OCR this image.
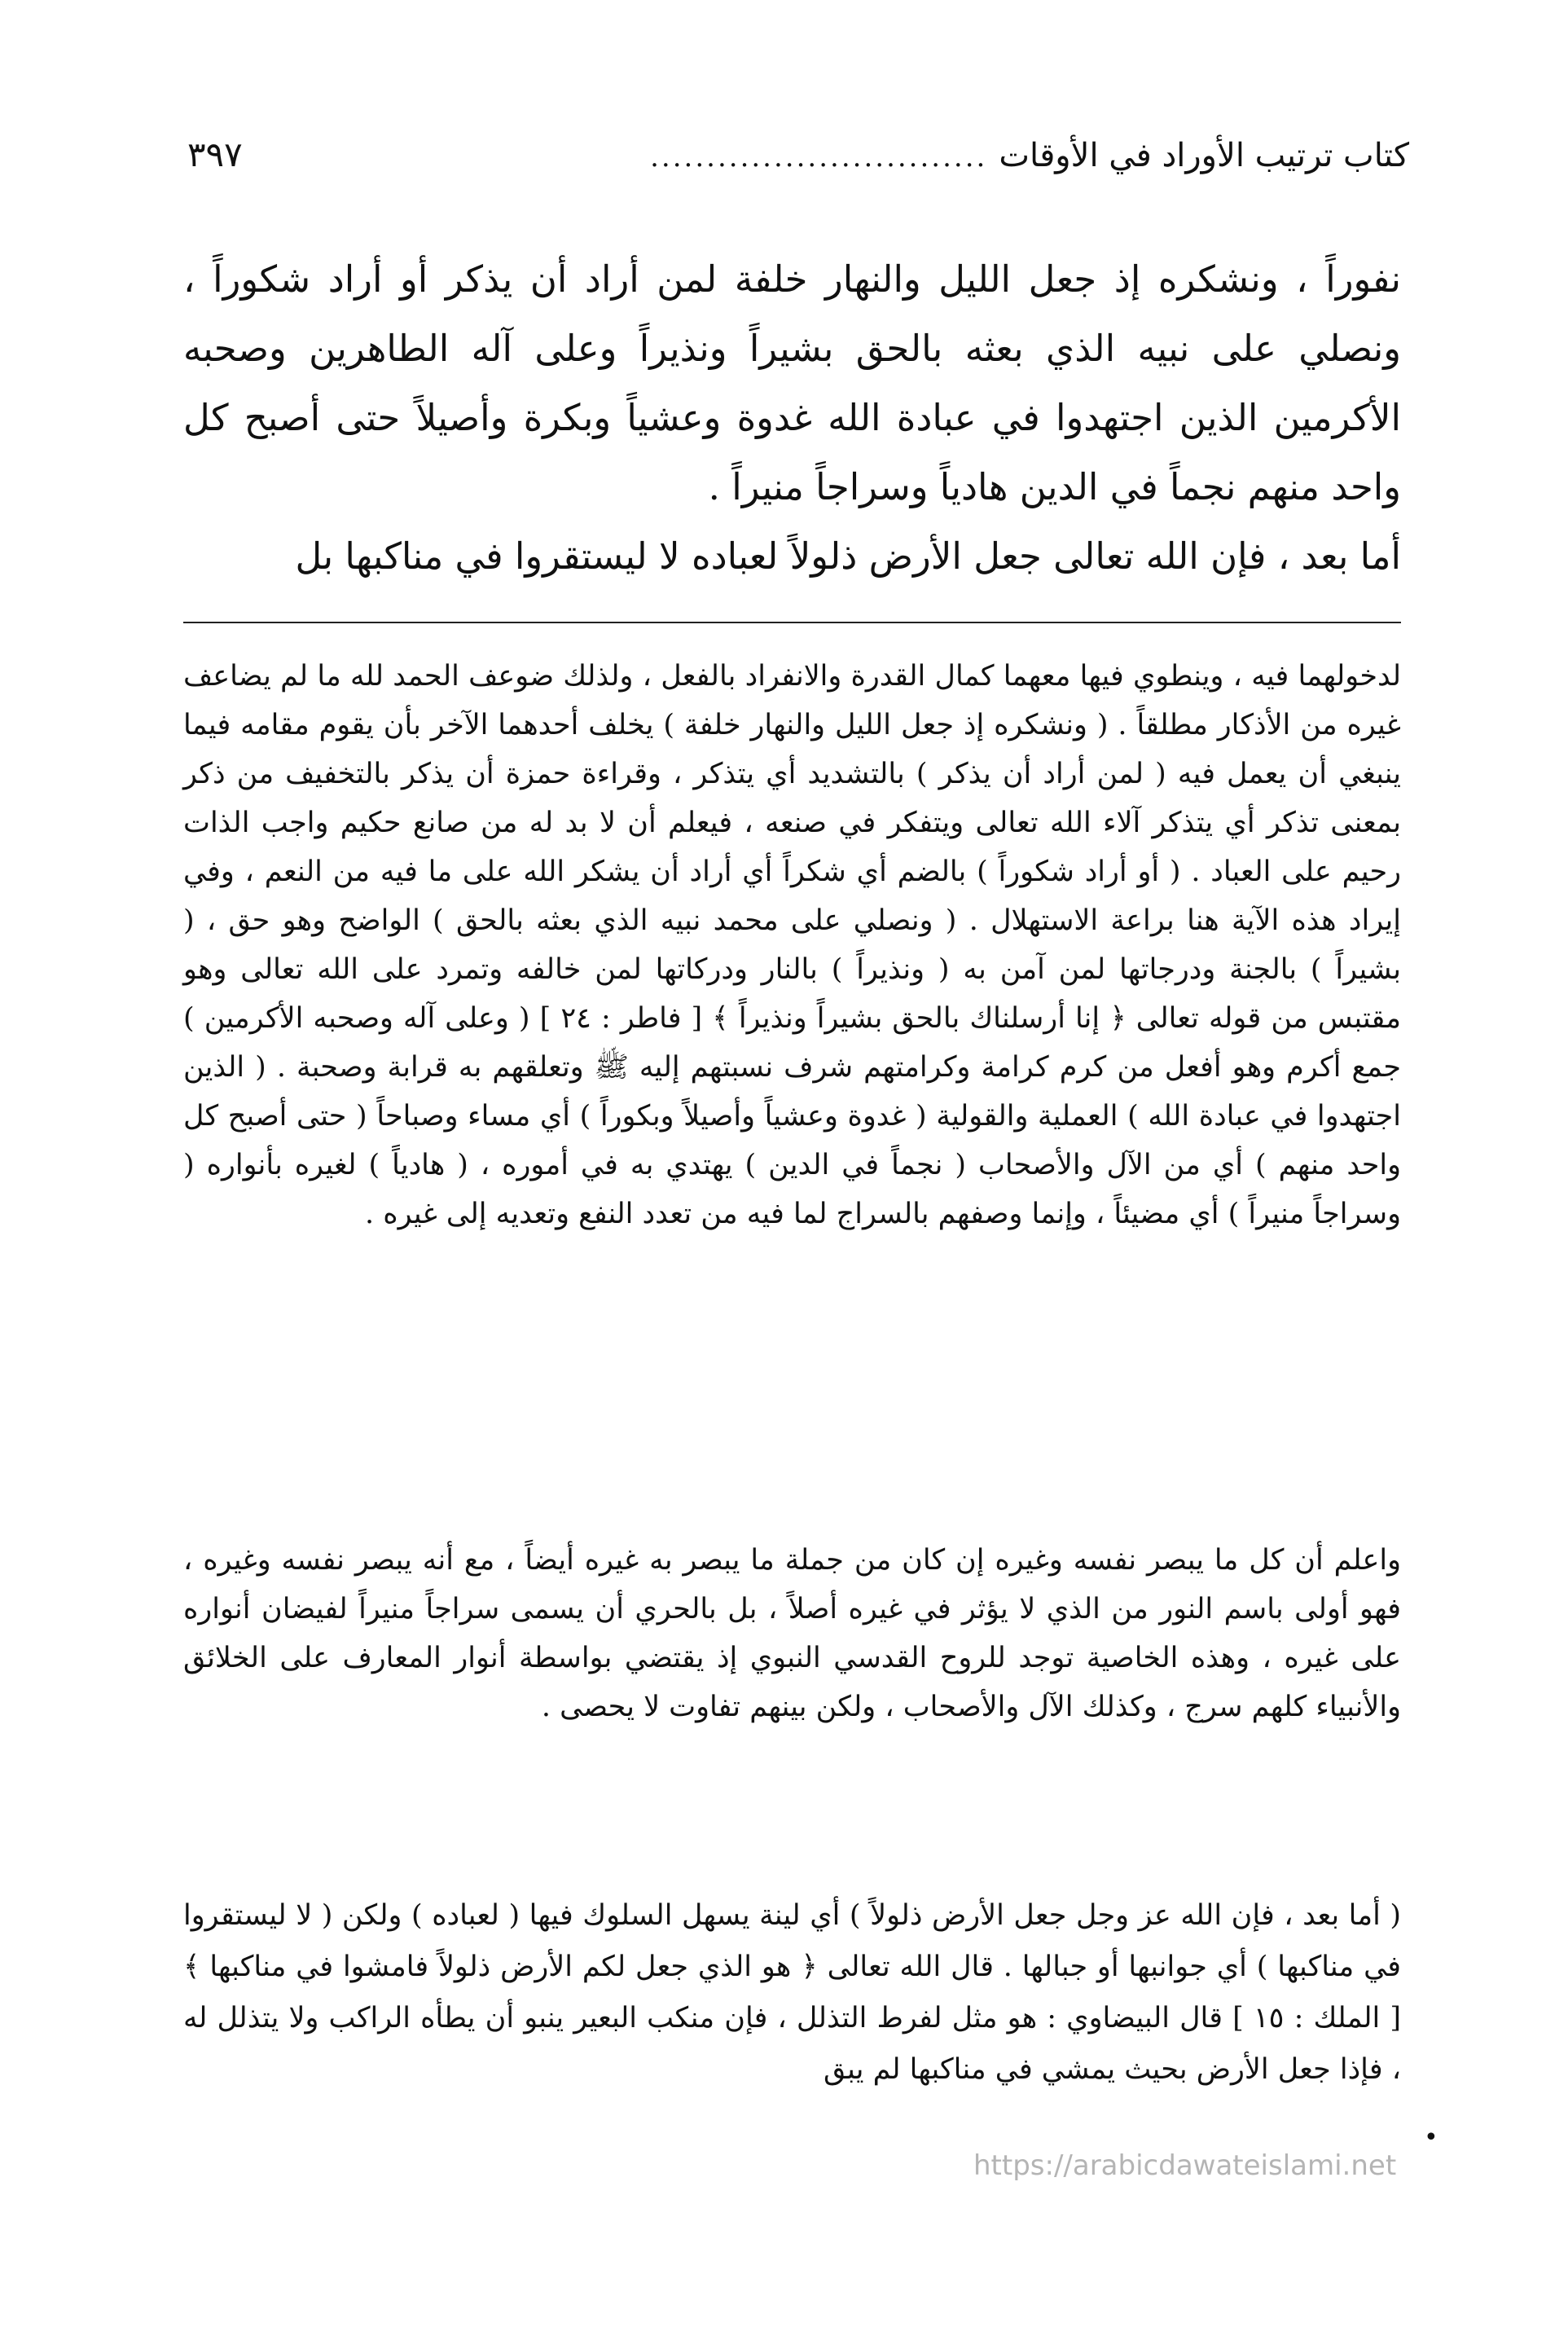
كتاب ترتيب الأوراد في الأوقات
..............................
٣٩٧

نفوراً ، ونشكره إذ جعل الليل والنهار خلفة لمن أراد أن يذكر أو أراد شكوراً ، ونصلي على نبيه الذي بعثه بالحق بشيراً ونذيراً وعلى آله الطاهرين وصحبه الأكرمين الذين اجتهدوا في عبادة الله غدوة وعشياً وبكرة وأصيلاً حتى أصبح كل واحد منهم نجماً في الدين هادياً وسراجاً منيراً .

أما بعد ، فإن الله تعالى جعل الأرض ذلولاً لعباده لا ليستقروا في مناكبها بل

لدخولهما فيه ، وينطوي فيها معهما كمال القدرة والانفراد بالفعل ، ولذلك ضوعف الحمد لله ما لم يضاعف غيره من الأذكار مطلقاً . ( ونشكره إذ جعل الليل والنهار خلفة ) يخلف أحدهما الآخر بأن يقوم مقامه فيما ينبغي أن يعمل فيه ( لمن أراد أن يذكر ) بالتشديد أي يتذكر ، وقراءة حمزة أن يذكر بالتخفيف من ذكر بمعنى تذكر أي يتذكر آلاء الله تعالى ويتفكر في صنعه ، فيعلم أن لا بد له من صانع حكيم واجب الذات رحيم على العباد . ( أو أراد شكوراً ) بالضم أي شكراً أي أراد أن يشكر الله على ما فيه من النعم ، وفي إيراد هذه الآية هنا براعة الاستهلال . ( ونصلي على محمد نبيه الذي بعثه بالحق ) الواضح وهو حق ، ( بشيراً ) بالجنة ودرجاتها لمن آمن به ( ونذيراً ) بالنار ودركاتها لمن خالفه وتمرد على الله تعالى وهو مقتبس من قوله تعالى ﴿ إنا أرسلناك بالحق بشيراً ونذيراً ﴾ [ فاطر : ٢٤ ] ( وعلى آله وصحبه الأكرمين ) جمع أكرم وهو أفعل من كرم كرامة وكرامتهم شرف نسبتهم إليه ﷺ وتعلقهم به قرابة وصحبة . ( الذين اجتهدوا في عبادة الله ) العملية والقولية ( غدوة وعشياً وأصيلاً وبكوراً ) أي مساء وصباحاً ( حتى أصبح كل واحد منهم ) أي من الآل والأصحاب ( نجماً في الدين ) يهتدي به في أموره ، ( هادياً ) لغيره بأنواره ( وسراجاً منيراً ) أي مضيئاً ، وإنما وصفهم بالسراج لما فيه من تعدد النفع وتعديه إلى غيره .

واعلم أن كل ما يبصر نفسه وغيره إن كان من جملة ما يبصر به غيره أيضاً ، مع أنه يبصر نفسه وغيره ، فهو أولى باسم النور من الذي لا يؤثر في غيره أصلاً ، بل بالحري أن يسمى سراجاً منيراً لفيضان أنواره على غيره ، وهذه الخاصية توجد للروح القدسي النبوي إذ يقتضي بواسطة أنوار المعارف على الخلائق والأنبياء كلهم سرج ، وكذلك الآل والأصحاب ، ولكن بينهم تفاوت لا يحصى .

( أما بعد ، فإن الله عز وجل جعل الأرض ذلولاً ) أي لينة يسهل السلوك فيها ( لعباده ) ولكن ( لا ليستقروا في مناكبها ) أي جوانبها أو جبالها . قال الله تعالى ﴿ هو الذي جعل لكم الأرض ذلولاً فامشوا في مناكبها ﴾ [ الملك : ١٥ ] قال البيضاوي : هو مثل لفرط التذلل ، فإن منكب البعير ينبو أن يطأه الراكب ولا يتذلل له ، فإذا جعل الأرض بحيث يمشي في مناكبها لم يبق

•
https://arabicdawateislami.net
